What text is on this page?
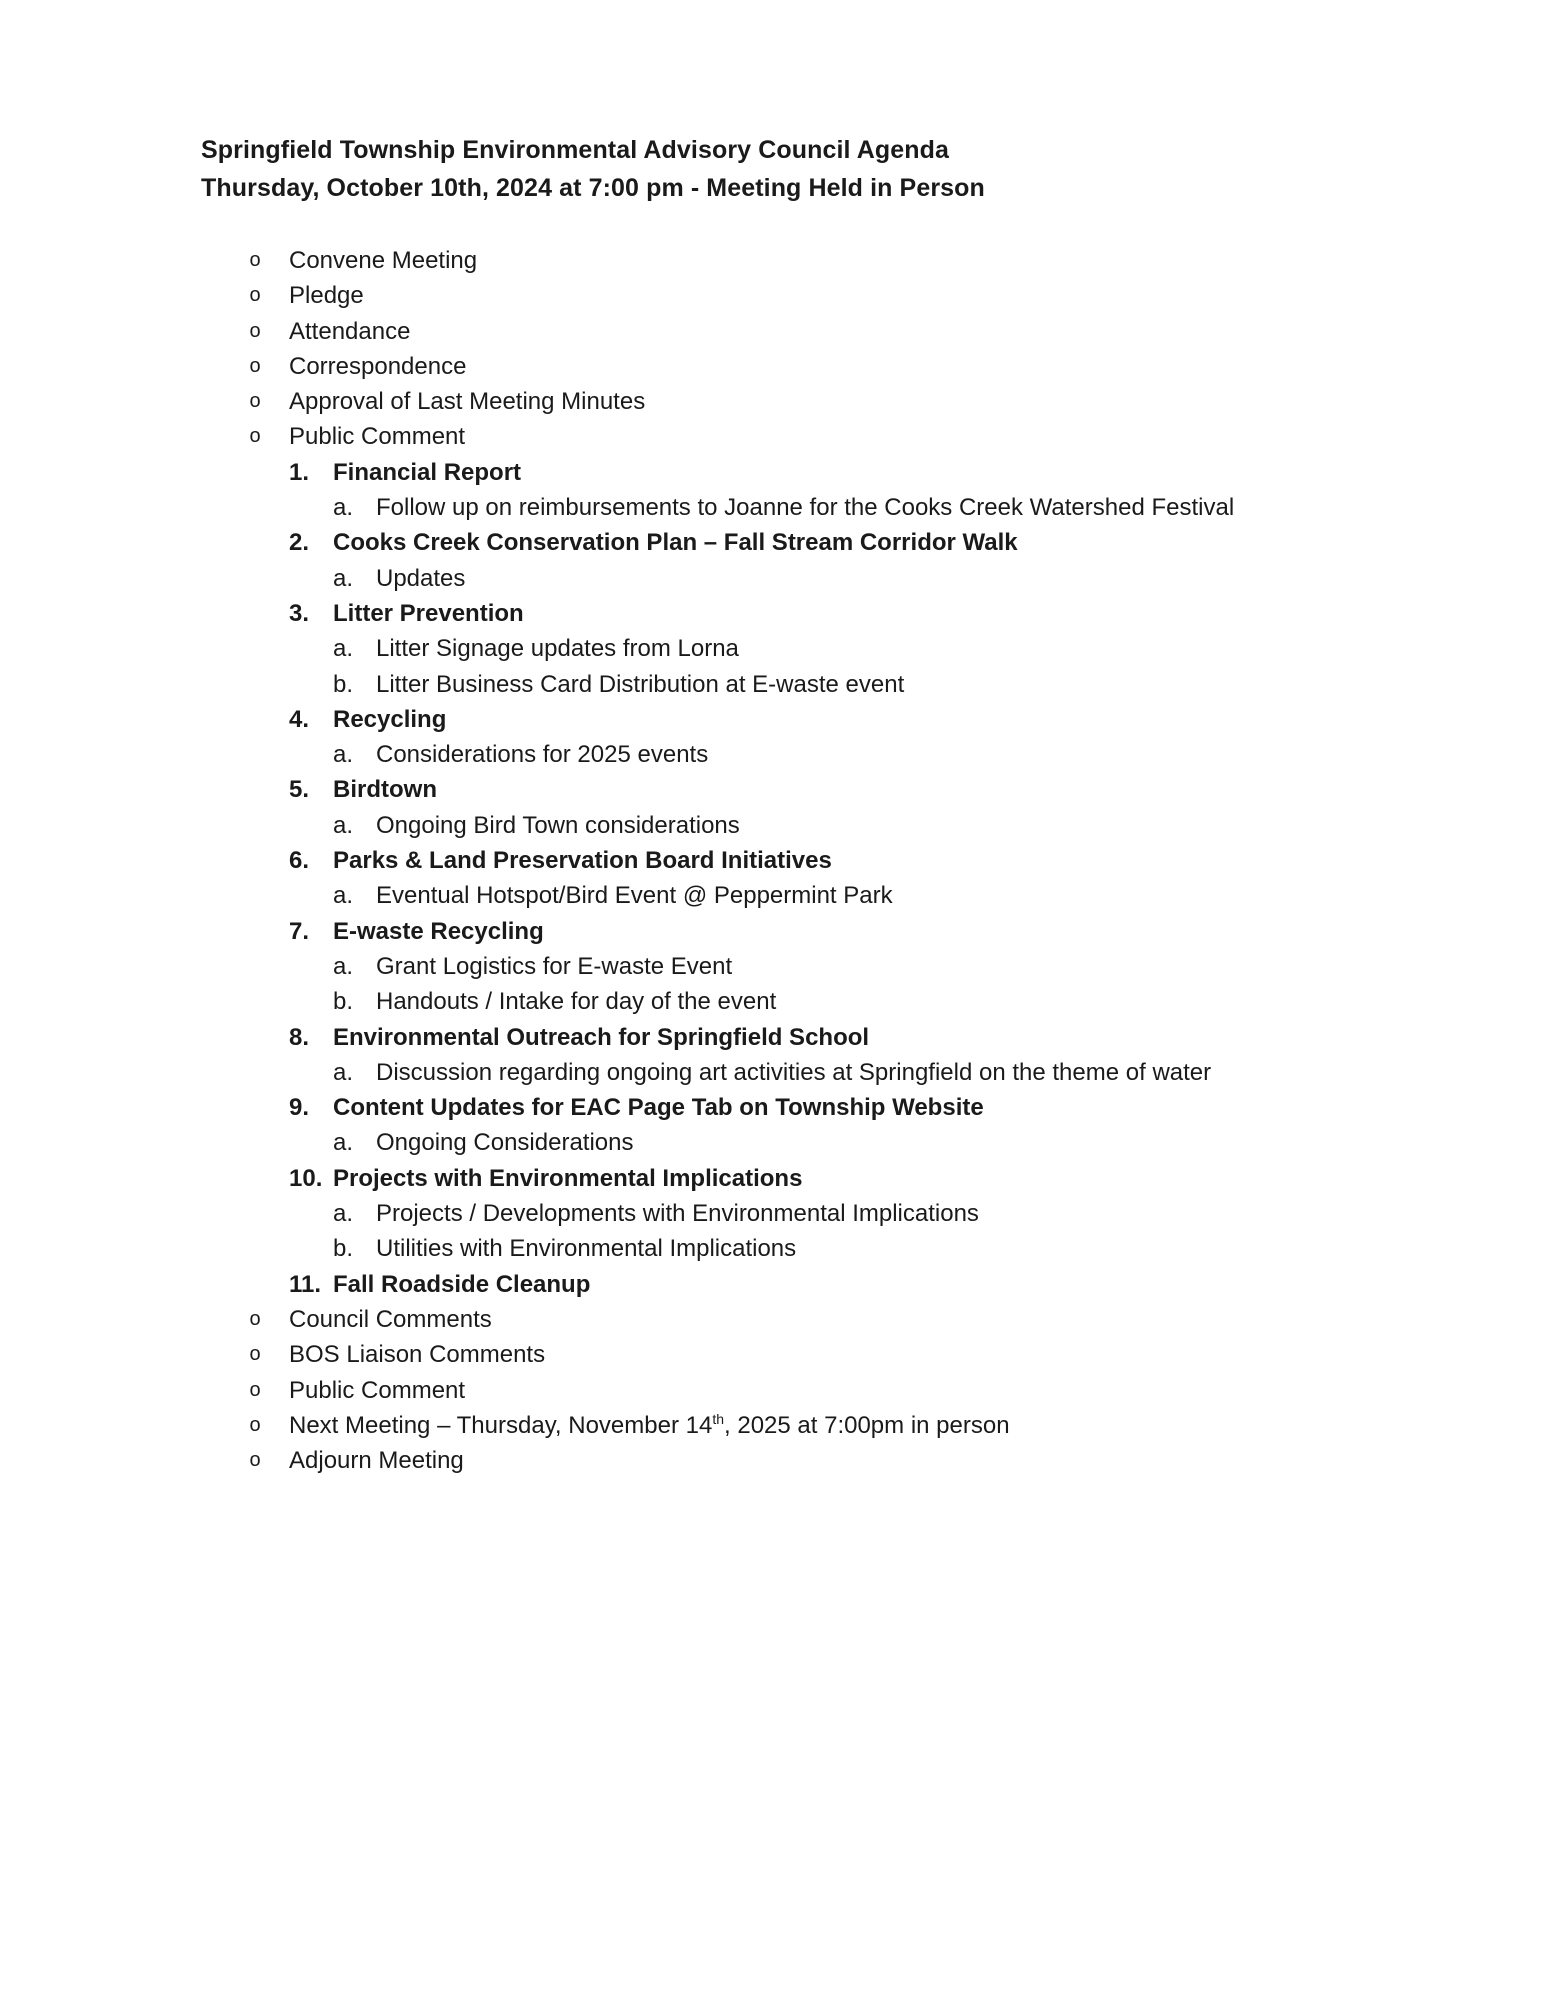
Springfield Township Environmental Advisory Council Agenda
Thursday, October 10th, 2024 at 7:00 pm - Meeting Held in Person
o Convene Meeting
o Pledge
o Attendance
o Correspondence
o Approval of Last Meeting Minutes
o Public Comment
1. Financial Report
a. Follow up on reimbursements to Joanne for the Cooks Creek Watershed Festival
2. Cooks Creek Conservation Plan – Fall Stream Corridor Walk
a. Updates
3. Litter Prevention
a. Litter Signage updates from Lorna
b. Litter Business Card Distribution at E-waste event
4. Recycling
a. Considerations for 2025 events
5. Birdtown
a. Ongoing Bird Town considerations
6. Parks & Land Preservation Board Initiatives
a. Eventual Hotspot/Bird Event @ Peppermint Park
7. E-waste Recycling
a. Grant Logistics for E-waste Event
b. Handouts / Intake for day of the event
8. Environmental Outreach for Springfield School
a. Discussion regarding ongoing art activities at Springfield on the theme of water
9. Content Updates for EAC Page Tab on Township Website
a. Ongoing Considerations
10. Projects with Environmental Implications
a. Projects / Developments with Environmental Implications
b. Utilities with Environmental Implications
11. Fall Roadside Cleanup
o Council Comments
o BOS Liaison Comments
o Public Comment
o Next Meeting – Thursday, November 14th, 2025 at 7:00pm in person
o Adjourn Meeting
